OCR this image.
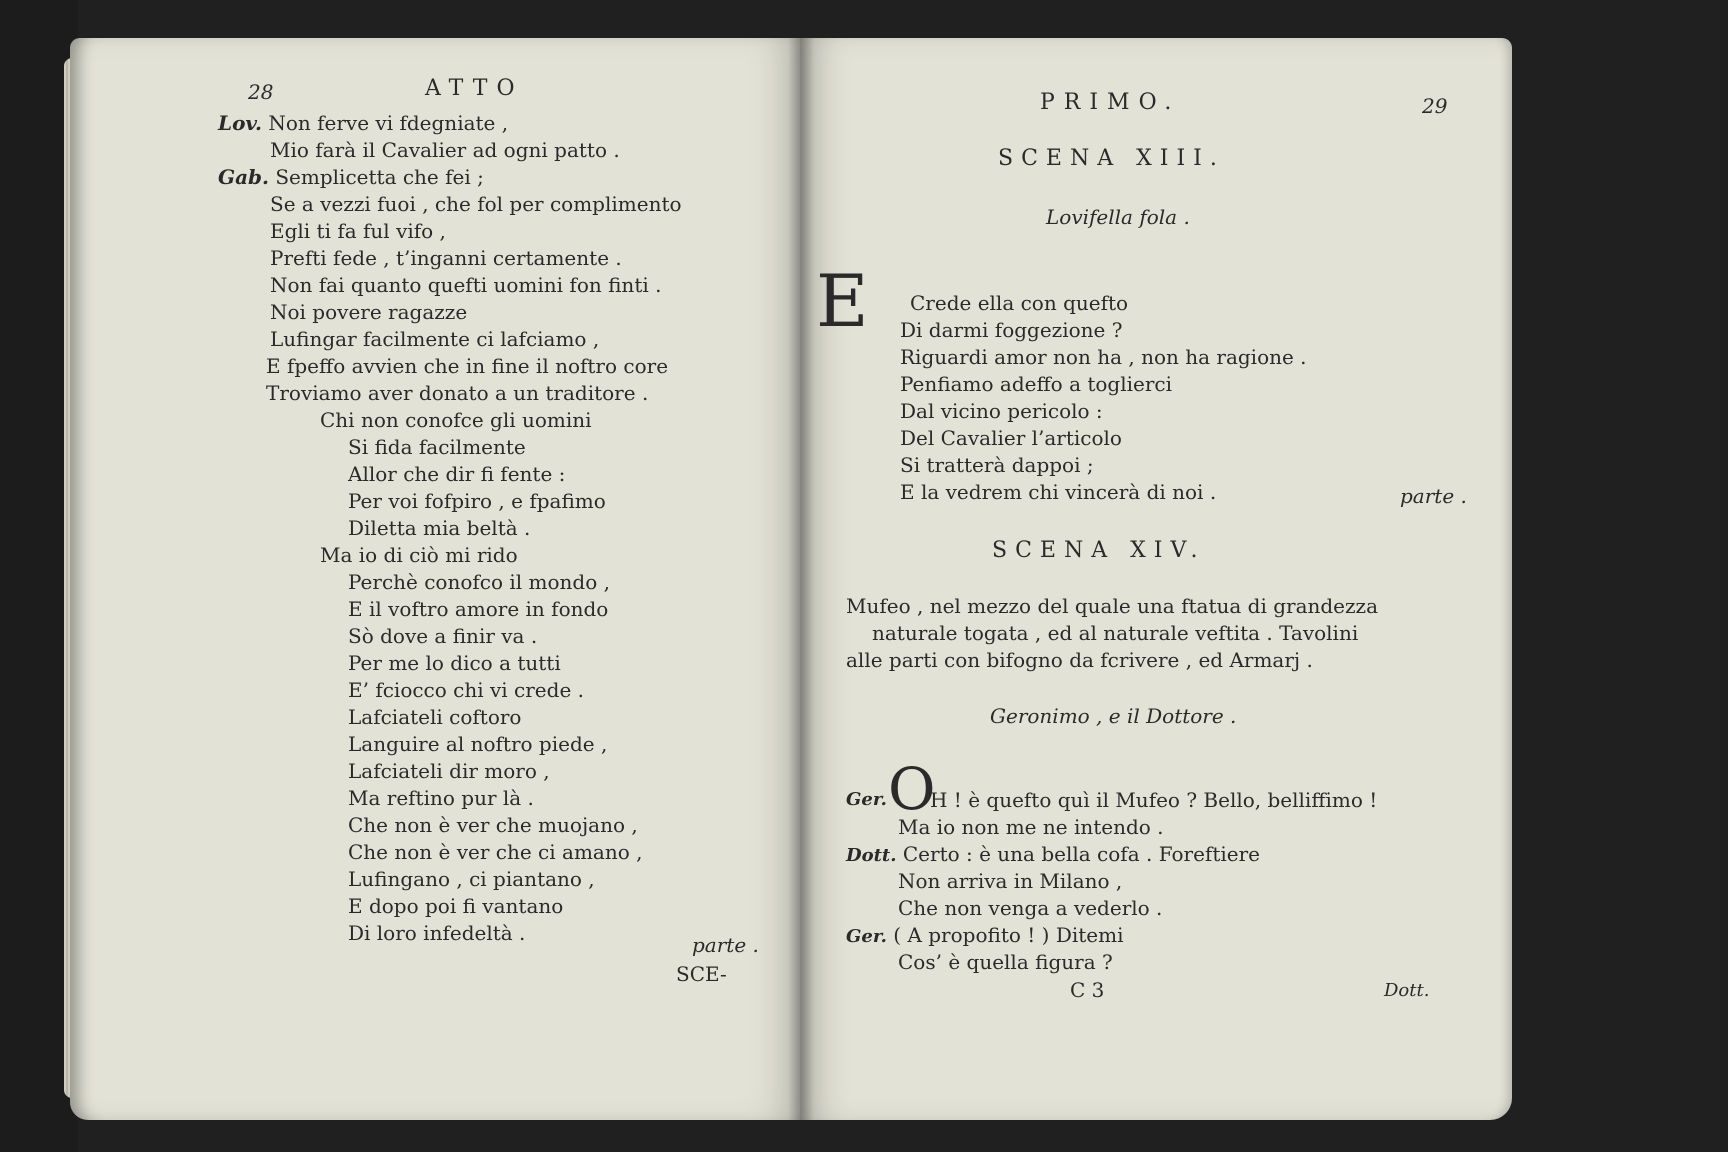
28	ATTO
Lov. Non ferve vi fdegniate ,
Mio farà il Cavalier ad ogni patto .
Gab. Semplicetta che fei ;
Se a vezzi fuoi , che fol per complimento
Egli ti fa ful vifo ,
Prefti fede , t’inganni certamente .
Non fai quanto quefti uomini fon finti .
Noi povere ragazze
Lufingar facilmente ci lafciamo ,
E fpeffo avvien che in fine il noftro core
Troviamo aver donato a un traditore .
Chi non conofce gli uomini
Si fida facilmente
Allor che dir fi fente :
Per voi fofpiro , e fpafimo
Diletta mia beltà .
Ma io di ciò mi rido
Perchè conofco il mondo ,
E il voftro amore in fondo
Sò dove a finir va .
Per me lo dico a tutti
E’ fciocco chi vi crede .
Lafciateli coftoro
Languire al noftro piede ,
Lafciateli dir moro ,
Ma reftino pur là .
Che non è ver che muojano ,
Che non è ver che ci amano ,
Lufingano , ci piantano ,
E dopo poi fi vantano
Di loro infedeltà .	parte .
SCE-
PRIMO.	29
SCENA XIII.
Lovifella fola .
E Crede ella con quefto
Di darmi foggezione ?
Riguardi amor non ha , non ha ragione .
Penfiamo adeffo a toglierci
Dal vicino pericolo :
Del Cavalier l’articolo
Si tratterà dappoi ;
E la vedrem chi vincerà di noi .	parte .
SCENA XIV.
Mufeo , nel mezzo del quale una ftatua di grandezza
naturale togata , ed al naturale veftita . Tavolini
alle parti con bifogno da fcrivere , ed Armarj .
Geronimo , e il Dottore .
Ger. O
H ! è quefto quì il Mufeo ? Bello, belliffimo !
Ma io non me ne intendo .
Dott. Certo : è una bella cofa . Foreftiere
Non arriva in Milano ,
Che non venga a vederlo .
Ger. ( A propofito ! ) Ditemi
Cos’ è quella figura ?
C 3	Dott.
